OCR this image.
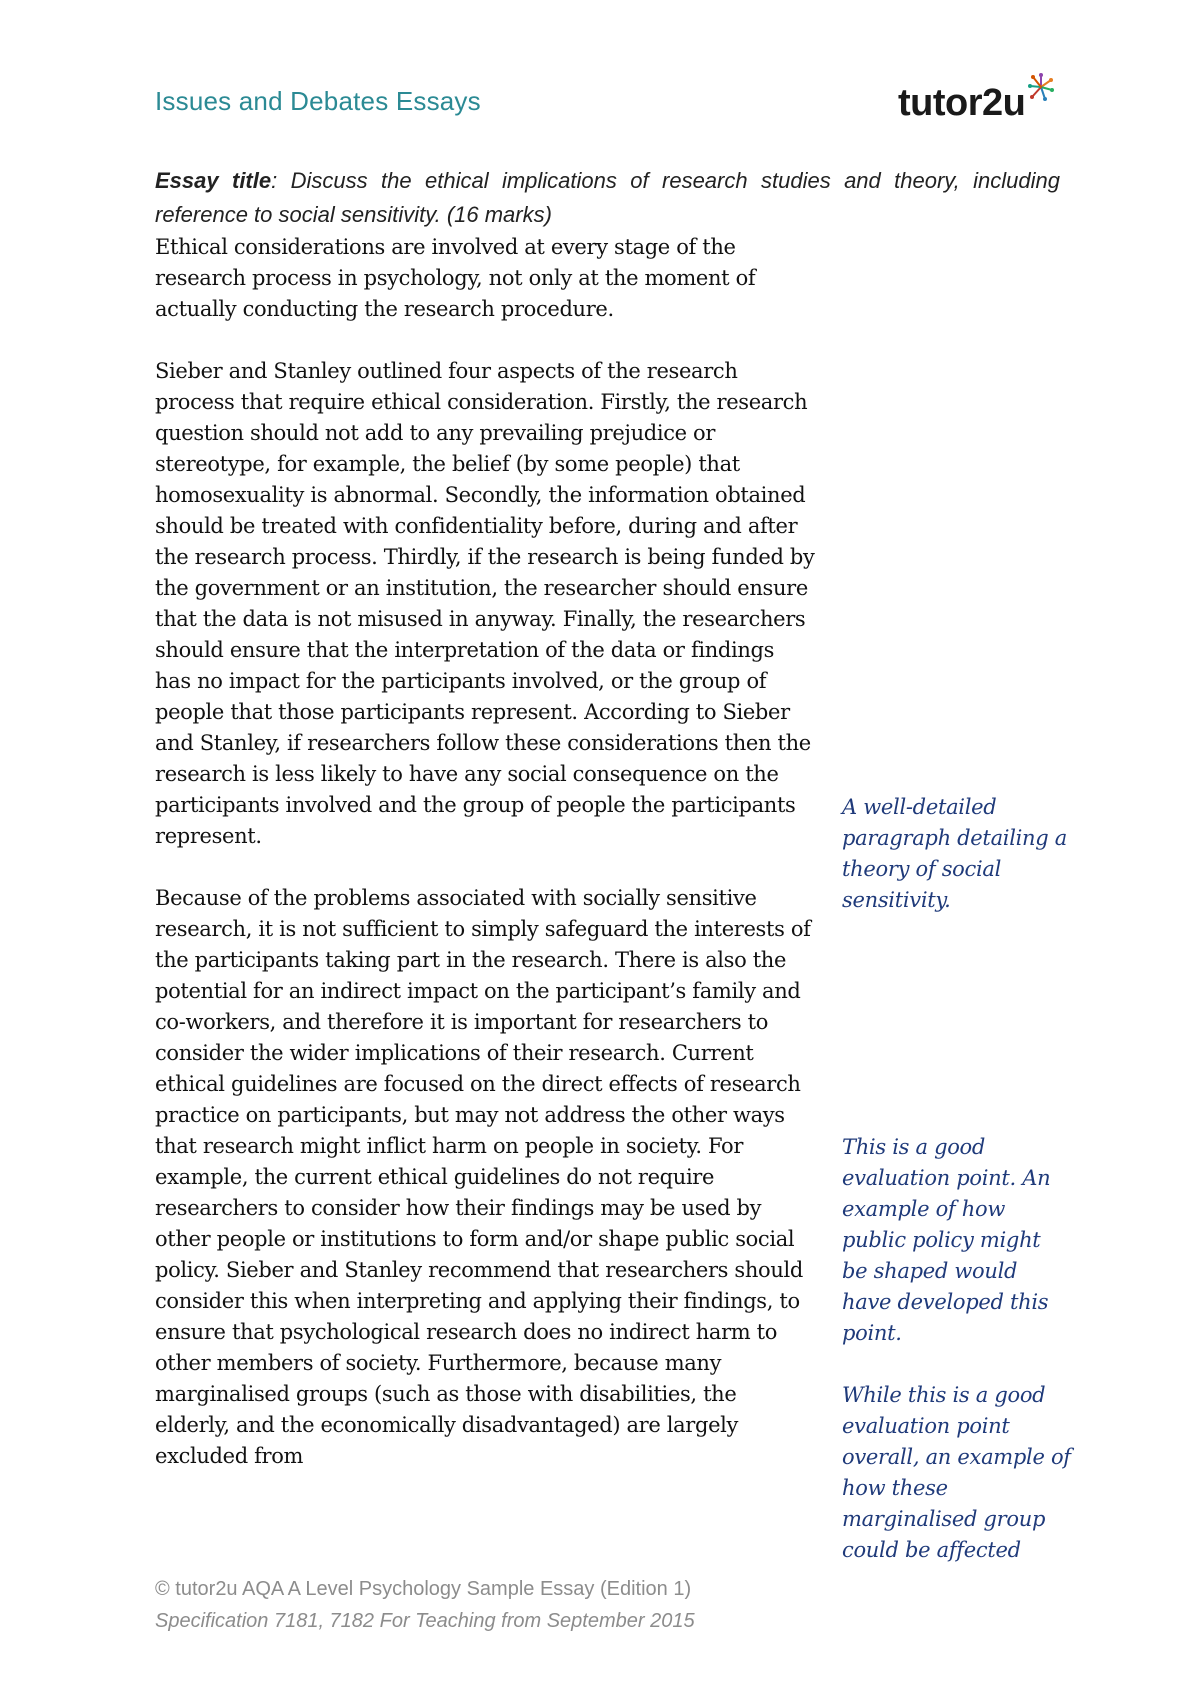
Issues and Debates Essays	tutor2u
Essay title: Discuss the ethical implications of research studies and theory, including reference to social sensitivity. (16 marks)

Ethical considerations are involved at every stage of the research process in psychology, not only at the moment of actually conducting the research procedure.

Sieber and Stanley outlined four aspects of the research process that require ethical consideration. Firstly, the research question should not add to any prevailing prejudice or stereotype, for example, the belief (by some people) that homosexuality is abnormal. Secondly, the information obtained should be treated with confidentiality before, during and after the research process. Thirdly, if the research is being funded by the government or an institution, the researcher should ensure that the data is not misused in anyway. Finally, the researchers should ensure that the interpretation of the data or findings has no impact for the participants involved, or the group of people that those participants represent. According to Sieber and Stanley, if researchers follow these considerations then the research is less likely to have any social consequence on the participants involved and the group of people the participants represent.

Because of the problems associated with socially sensitive research, it is not sufficient to simply safeguard the interests of the participants taking part in the research. There is also the potential for an indirect impact on the participant’s family and co-workers, and therefore it is important for researchers to consider the wider implications of their research. Current ethical guidelines are focused on the direct effects of research practice on participants, but may not address the other ways that research might inflict harm on people in society. For example, the current ethical guidelines do not require researchers to consider how their findings may be used by other people or institutions to form and/or shape public social policy. Sieber and Stanley recommend that researchers should consider this when interpreting and applying their findings, to ensure that psychological research does no indirect harm to other members of society. Furthermore, because many marginalised groups (such as those with disabilities, the elderly, and the economically disadvantaged) are largely excluded from

A well-detailed paragraph detailing a theory of social sensitivity.
This is a good evaluation point. An example of how public policy might be shaped would have developed this point.
While this is a good evaluation point overall, an example of how these marginalised group could be affected
© tutor2u AQA A Level Psychology Sample Essay (Edition 1)
Specification 7181, 7182 For Teaching from September 2015
